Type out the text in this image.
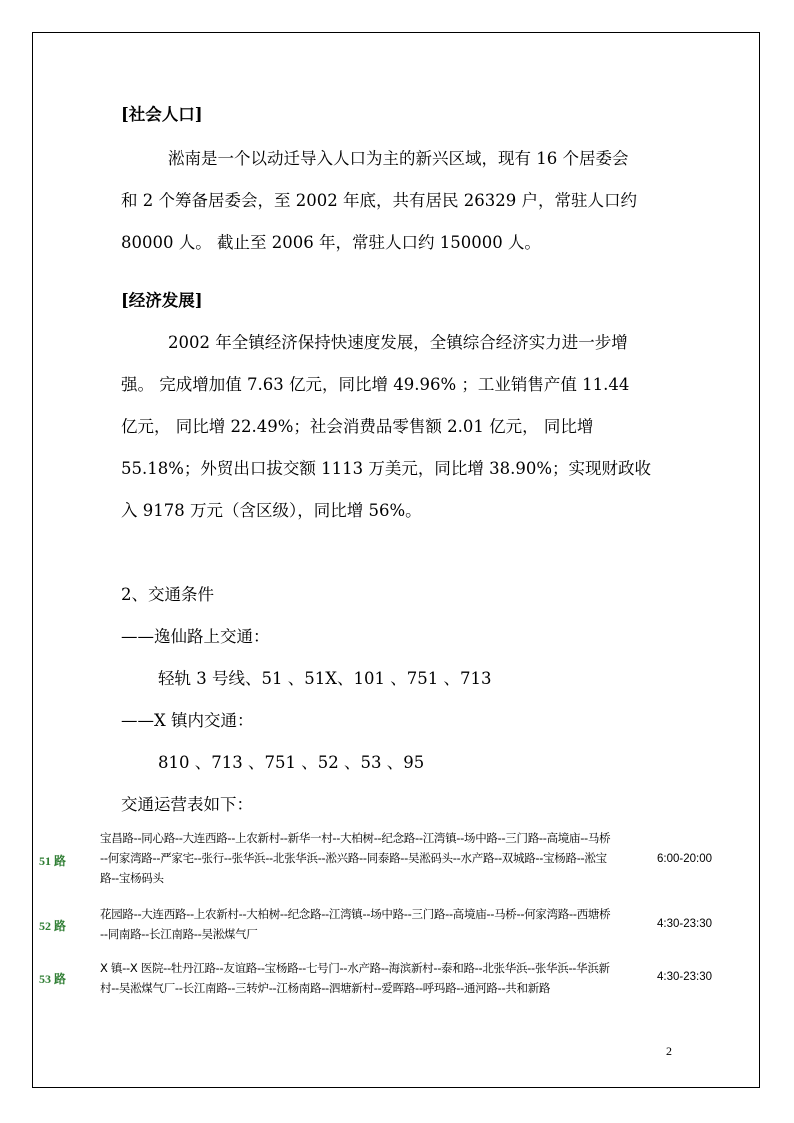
[社会人口]
淞南是一个以动迁导入人口为主的新兴区域，现有 16 个居委会
和 2 个筹备居委会，至 2002 年底，共有居民 26329 户，常驻人口约
80000 人。 截止至 2006 年，常驻人口约 150000 人。
[经济发展]
2002 年全镇经济保持快速度发展，全镇综合经济实力进一步增
强。 完成增加值 7.63 亿元，同比增 49.96% ；工业销售产值 11.44
亿元， 同比增 22.49%；社会消费品零售额 2.01 亿元， 同比增
55.18%；外贸出口拔交额 1113 万美元，同比增 38.90%；实现财政收
入 9178 万元（含区级），同比增 56%。
2、交通条件
——逸仙路上交通：
轻轨 3 号线、51 、51X、101 、751 、713
——X 镇内交通：
810 、713 、751 、52 、53 、95
交通运营表如下：
51 路
宝昌路--同心路--大连西路--上农新村--新华一村--大柏树--纪念路--江湾镇--场中路--三门路--高境庙--马桥
--何家湾路--严家宅--张行--张华浜--北张华浜--淞兴路--同泰路--吴淞码头--水产路--双城路--宝杨路--淞宝
路--宝杨码头
6:00-20:00
52 路
花园路--大连西路--上农新村--大柏树--纪念路--江湾镇--场中路--三门路--高境庙--马桥--何家湾路--西塘桥
--同南路--长江南路--吴淞煤气厂
4:30-23:30
53 路
X 镇--X 医院--牡丹江路--友谊路--宝杨路--七号门--水产路--海滨新村--泰和路--北张华浜--张华浜--华浜新
村--吴淞煤气厂--长江南路--三转炉--江杨南路--泗塘新村--爱晖路--呼玛路--通河路--共和新路
4:30-23:30
2
